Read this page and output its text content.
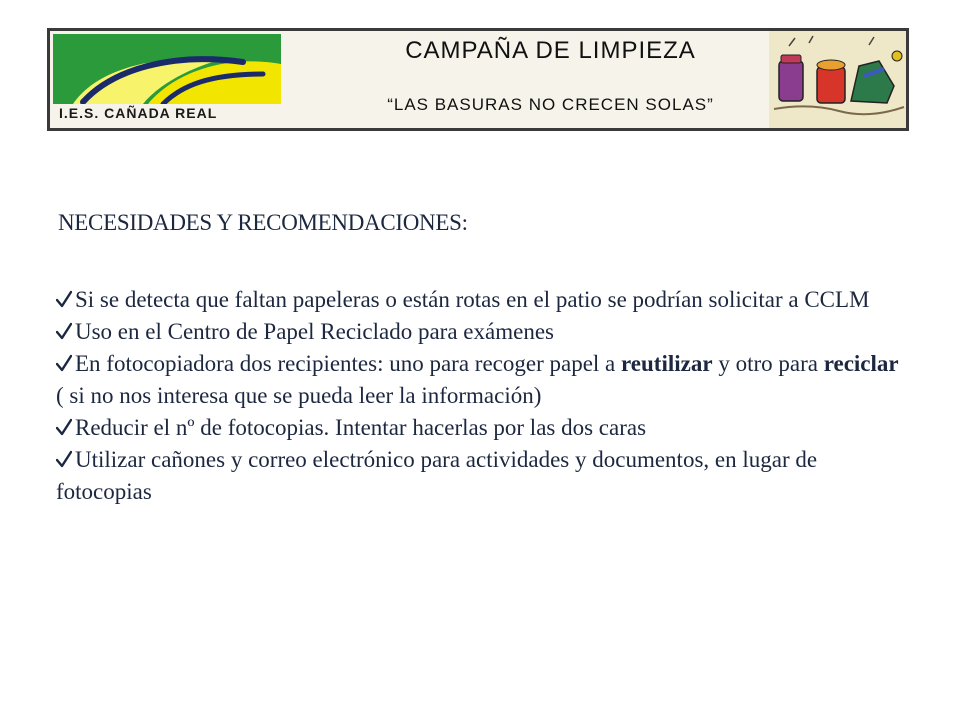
I.E.S. CAÑADA REAL
CAMPAÑA DE LIMPIEZA
“LAS BASURAS NO CRECEN SOLAS”
NECESIDADES Y RECOMENDACIONES:
Si se detecta que faltan papeleras o están rotas en el patio se podrían solicitar a CCLM
Uso en el Centro de Papel Reciclado para exámenes
En fotocopiadora dos recipientes: uno para recoger papel a reutilizar y otro para reciclar ( si no nos interesa que se pueda leer la información)
Reducir el nº de fotocopias. Intentar hacerlas por las dos caras
Utilizar cañones y correo electrónico para actividades y documentos, en lugar de fotocopias
